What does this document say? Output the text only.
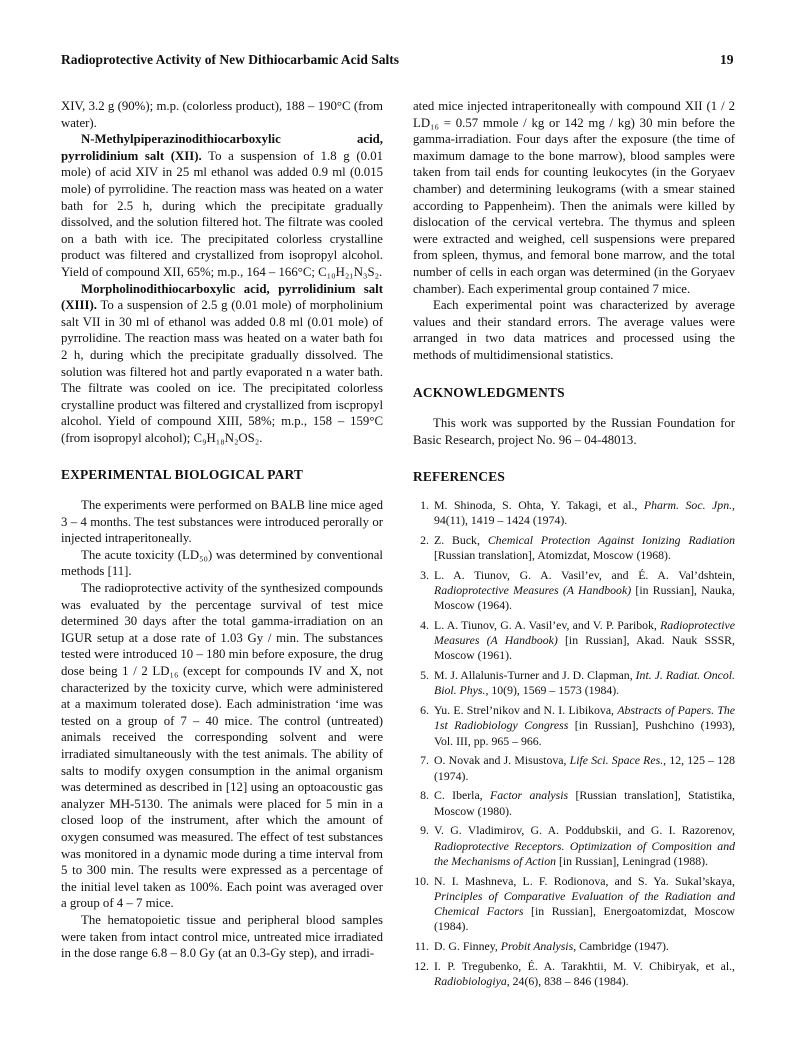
Radioprotective Activity of New Dithiocarbamic Acid Salts	19

XIV, 3.2 g (90%); m.p. (colorless product), 188 – 190°C (from water).

N-Methylpiperazinodithiocarboxylic acid, pyrrolidinium salt (XII). To a suspension of 1.8 g (0.01 mole) of acid XIV in 25 ml ethanol was added 0.9 ml (0.015 mole) of pyrrolidine. The reaction mass was heated on a water bath for 2.5 h, during which the precipitate gradually dissolved, and the solution filtered hot. The filtrate was cooled on a bath with ice. The precipitated colorless crystalline product was filtered and crystallized from isopropyl alcohol. Yield of compound XII, 65%; m.p., 164 – 166°C; C₁₀H₂₁N₃S₂.

Morpholinodithiocarboxylic acid, pyrrolidinium salt (XIII). To a suspension of 2.5 g (0.01 mole) of morpholinium salt VII in 30 ml of ethanol was added 0.8 ml (0.01 mole) of pyrrolidine. The reaction mass was heated on a water bath foı 2 h, during which the precipitate gradually dissolved. The solution was filtered hot and partly evaporated n a water bath. The filtrate was cooled on ice. The precipitated colorless crystalline product was filtered and crystallized from iscpropyl alcohol. Yield of compound XIII, 58%; m.p., 158 – 159°C (from isopropyl alcohol); C₉H₁₈N₂OS₂.

EXPERIMENTAL BIOLOGICAL PART

The experiments were performed on BALB line mice aged 3 – 4 months. The test substances were introduced perorally or injected intraperitoneally.

The acute toxicity (LD₅₀) was determined by conventional methods [11].

The radioprotective activity of the synthesized compounds was evaluated by the percentage survival of test mice determined 30 days after the total gamma-irradiation on an IGUR setup at a dose rate of 1.03 Gy / min. The substances tested were introduced 10 – 180 min before exposure, the drug dose being 1 / 2 LD₁₆ (except for compounds IV and X, not characterized by the toxicity curve, which were administered at a maximum tolerated dose). Each administration ‘ime was tested on a group of 7 – 40 mice. The control (untreated) animals received the corresponding solvent and were irradiated simultaneously with the test animals. The ability of salts to modify oxygen consumption in the animal organism was determined as described in [12] using an optoacoustic gas analyzer MH-5130. The animals were placed for 5 min in a closed loop of the instrument, after which the amount of oxygen consumed was measured. The effect of test substances was monitored in a dynamic mode during a time interval from 5 to 300 min. The results were expressed as a percentage of the initial level taken as 100%. Each point was averaged over a group of 4 – 7 mice.

The hematopoietic tissue and peripheral blood samples were taken from intact control mice, untreated mice irradiated in the dose range 6.8 – 8.0 Gy (at an 0.3-Gy step), and irradi-

ated mice injected intraperitoneally with compound XII (1 / 2 LD₁₆ = 0.57 mmole / kg or 142 mg / kg) 30 min before the gamma-irradiation. Four days after the exposure (the time of maximum damage to the bone marrow), blood samples were taken from tail ends for counting leukocytes (in the Goryaev chamber) and determining leukograms (with a smear stained according to Pappenheim). Then the animals were killed by dislocation of the cervical vertebra. The thymus and spleen were extracted and weighed, cell suspensions were prepared from spleen, thymus, and femoral bone marrow, and the total number of cells in each organ was determined (in the Goryaev chamber). Each experimental group contained 7 mice.

Each experimental point was characterized by average values and their standard errors. The average values were arranged in two data matrices and processed using the methods of multidimensional statistics.

ACKNOWLEDGMENTS

This work was supported by the Russian Foundation for Basic Research, project No. 96 – 04-48013.

REFERENCES
1. M. Shinoda, S. Ohta, Y. Takagi, et al., Pharm. Soc. Jpn., 94(11), 1419 – 1424 (1974).
2. Z. Buck, Chemical Protection Against Ionizing Radiation [Russian translation], Atomizdat, Moscow (1968).
3. L. A. Tiunov, G. A. Vasil’ev, and É. A. Val’dshtein, Radioprotective Measures (A Handbook) [in Russian], Nauka, Moscow (1964).
4. L. A. Tiunov, G. A. Vasil’ev, and V. P. Paribok, Radioprotective Measures (A Handbook) [in Russian], Akad. Nauk SSSR, Moscow (1961).
5. M. J. Allalunis-Turner and J. D. Clapman, Int. J. Radiat. Oncol. Biol. Phys., 10(9), 1569 – 1573 (1984).
6. Yu. E. Strel’nikov and N. I. Libikova, Abstracts of Papers. The 1st Radiobiology Congress [in Russian], Pushchino (1993), Vol. III, pp. 965 – 966.
7. O. Novak and J. Misustova, Life Sci. Space Res., 12, 125 – 128 (1974).
8. C. Iberla, Factor analysis [Russian translation], Statistika, Moscow (1980).
9. V. G. Vladimirov, G. A. Poddubskii, and G. I. Razorenov, Radioprotective Receptors. Optimization of Composition and the Mechanisms of Action [in Russian], Leningrad (1988).
10. N. I. Mashneva, L. F. Rodionova, and S. Ya. Sukal’skaya, Principles of Comparative Evaluation of the Radiation and Chemical Factors [in Russian], Energoatomizdat, Moscow (1984).
11. D. G. Finney, Probit Analysis, Cambridge (1947).
12. I. P. Tregubenko, É. A. Tarakhtii, M. V. Chibiryak, et al., Radiobiologiya, 24(6), 838 – 846 (1984).
